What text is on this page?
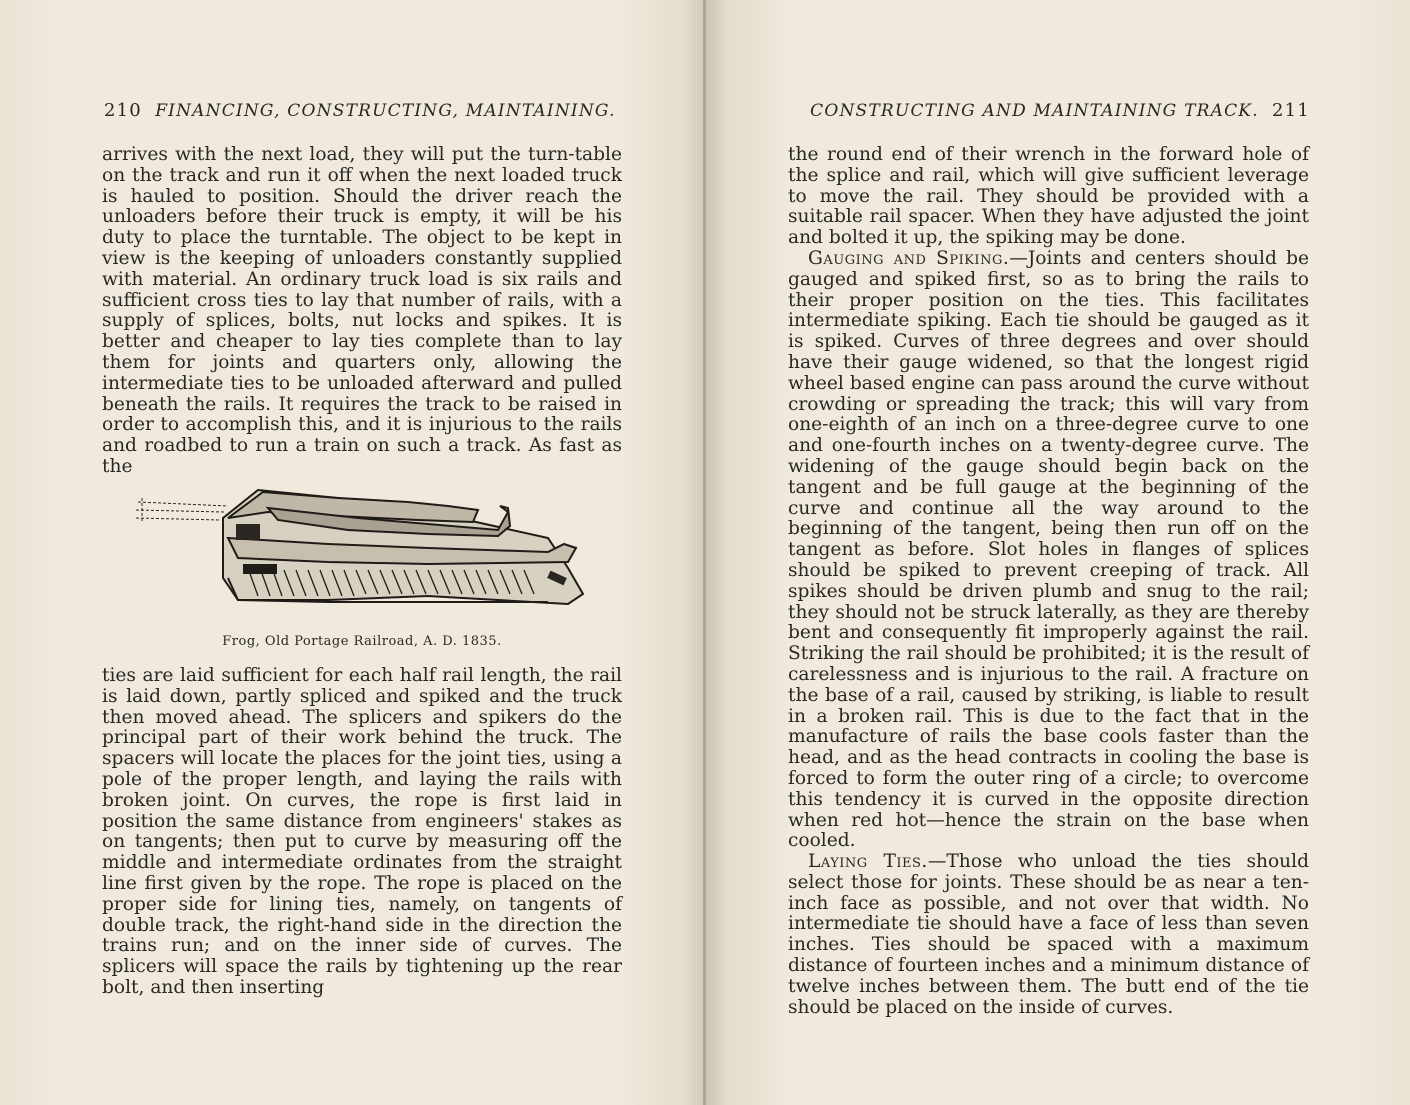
210 FINANCING, CONSTRUCTING, MAINTAINING.

arrives with the next load, they will put the turn-table on the track and run it off when the next loaded truck is hauled to position. Should the driver reach the unloaders before their truck is empty, it will be his duty to place the turntable. The object to be kept in view is the keeping of unloaders constantly supplied with material. An ordinary truck load is six rails and sufficient cross ties to lay that number of rails, with a supply of splices, bolts, nut locks and spikes. It is better and cheaper to lay ties complete than to lay them for joints and quarters only, allowing the intermediate ties to be unloaded afterward and pulled beneath the rails. It requires the track to be raised in order to accomplish this, and it is injurious to the rails and roadbed to run a train on such a track. As fast as the

Frog, Old Portage Railroad, A. D. 1835.

ties are laid sufficient for each half rail length, the rail is laid down, partly spliced and spiked and the truck then moved ahead. The splicers and spikers do the principal part of their work behind the truck. The spacers will locate the places for the joint ties, using a pole of the proper length, and laying the rails with broken joint. On curves, the rope is first laid in position the same distance from engineers' stakes as on tangents; then put to curve by measuring off the middle and intermediate ordinates from the straight line first given by the rope. The rope is placed on the proper side for lining ties, namely, on tangents of double track, the right-hand side in the direction the trains run; and on the inner side of curves. The splicers will space the rails by tightening up the rear bolt, and then inserting

CONSTRUCTING AND MAINTAINING TRACK. 211

the round end of their wrench in the forward hole of the splice and rail, which will give sufficient leverage to move the rail. They should be provided with a suitable rail spacer. When they have adjusted the joint and bolted it up, the spiking may be done.

Gauging and Spiking.—Joints and centers should be gauged and spiked first, so as to bring the rails to their proper position on the ties. This facilitates intermediate spiking. Each tie should be gauged as it is spiked. Curves of three degrees and over should have their gauge widened, so that the longest rigid wheel based engine can pass around the curve without crowding or spreading the track; this will vary from one-eighth of an inch on a three-degree curve to one and one-fourth inches on a twenty-degree curve. The widening of the gauge should begin back on the tangent and be full gauge at the beginning of the curve and continue all the way around to the beginning of the tangent, being then run off on the tangent as before. Slot holes in flanges of splices should be spiked to prevent creeping of track. All spikes should be driven plumb and snug to the rail; they should not be struck laterally, as they are thereby bent and consequently fit improperly against the rail. Striking the rail should be prohibited; it is the result of carelessness and is injurious to the rail. A fracture on the base of a rail, caused by striking, is liable to result in a broken rail. This is due to the fact that in the manufacture of rails the base cools faster than the head, and as the head contracts in cooling the base is forced to form the outer ring of a circle; to overcome this tendency it is curved in the opposite direction when red hot—hence the strain on the base when cooled.

Laying Ties.—Those who unload the ties should select those for joints. These should be as near a ten-inch face as possible, and not over that width. No intermediate tie should have a face of less than seven inches. Ties should be spaced with a maximum distance of fourteen inches and a minimum distance of twelve inches between them. The butt end of the tie should be placed on the inside of curves.
